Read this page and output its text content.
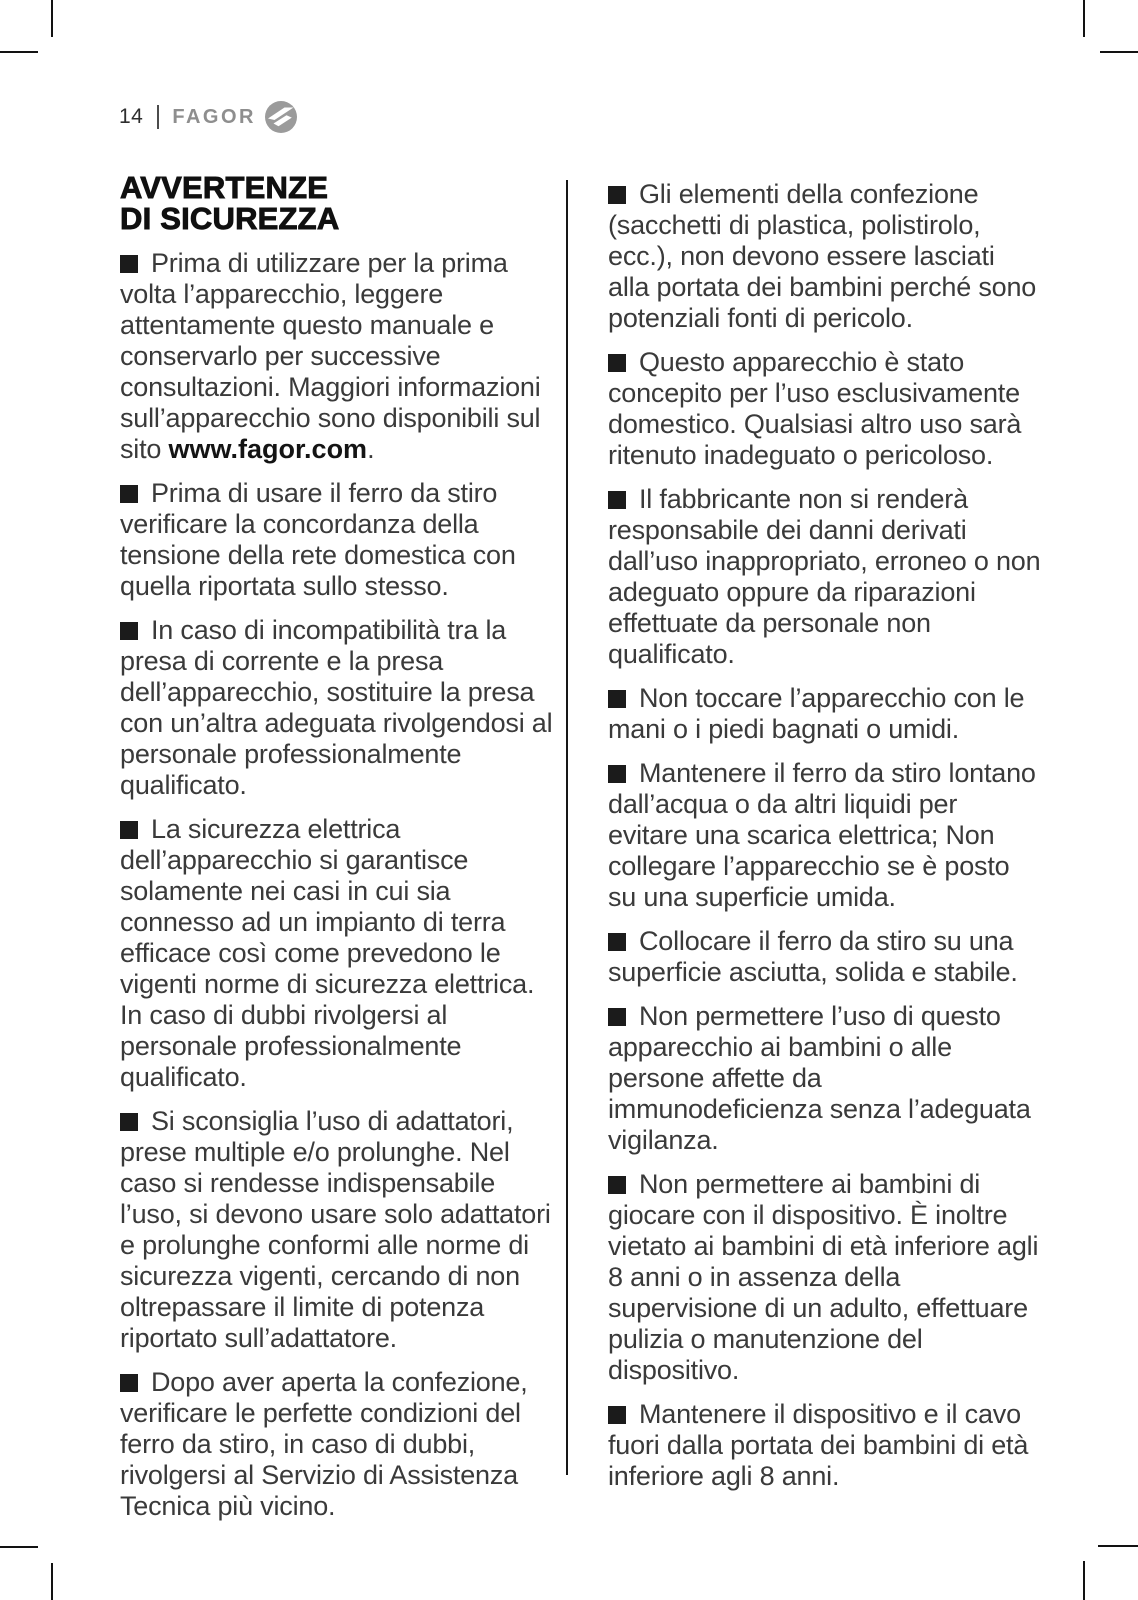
14 FAGOR
AVVERTENZE
DI SICUREZZA

Prima di utilizzare per la prima volta l’apparecchio, leggere attentamente questo manuale e conservarlo per successive consultazioni. Maggiori informazioni sull’apparecchio sono disponibili sul sito www.fagor.com.

Prima di usare il ferro da stiro verificare la concordanza della tensione della rete domestica con quella riportata sullo stesso.

In caso di incompatibilità tra la presa di corrente e la presa dell’apparecchio, sostituire la presa con un’altra adeguata rivolgendosi al personale professionalmente qualificato.

La sicurezza elettrica dell’apparecchio si garantisce solamente nei casi in cui sia connesso ad un impianto di terra efficace così come prevedono le vigenti norme di sicurezza elettrica. In caso di dubbi rivolgersi al personale professionalmente qualificato.

Si sconsiglia l’uso di adattatori, prese multiple e/o prolunghe. Nel caso si rendesse indispensabile l’uso, si devono usare solo adattatori e prolunghe conformi alle norme di sicurezza vigenti, cercando di non oltrepassare il limite di potenza riportato sull’adattatore.

Dopo aver aperta la confezione, verificare le perfette condizioni del ferro da stiro, in caso di dubbi, rivolgersi al Servizio di Assistenza Tecnica più vicino.

Gli elementi della confezione (sacchetti di plastica, polistirolo, ecc.), non devono essere lasciati alla portata dei bambini perché sono potenziali fonti di pericolo.

Questo apparecchio è stato concepito per l’uso esclusivamente domestico. Qualsiasi altro uso sarà ritenuto inadeguato o pericoloso.

Il fabbricante non si renderà responsabile dei danni derivati dall’uso inappropriato, erroneo o non adeguato oppure da riparazioni effettuate da personale non qualificato.

Non toccare l’apparecchio con le mani o i piedi bagnati o umidi.

Mantenere il ferro da stiro lontano dall’acqua o da altri liquidi per evitare una scarica elettrica; Non collegare l’apparecchio se è posto su una superficie umida.

Collocare il ferro da stiro su una superficie asciutta, solida e stabile.

Non permettere l’uso di questo apparecchio ai bambini o alle persone affette da immunodeficienza senza l’adeguata vigilanza.

Non permettere ai bambini di giocare con il dispositivo. È inoltre vietato ai bambini di età inferiore agli 8 anni o in assenza della supervisione di un adulto, effettuare pulizia o manutenzione del dispositivo.

Mantenere il dispositivo e il cavo fuori dalla portata dei bambini di età inferiore agli 8 anni.
